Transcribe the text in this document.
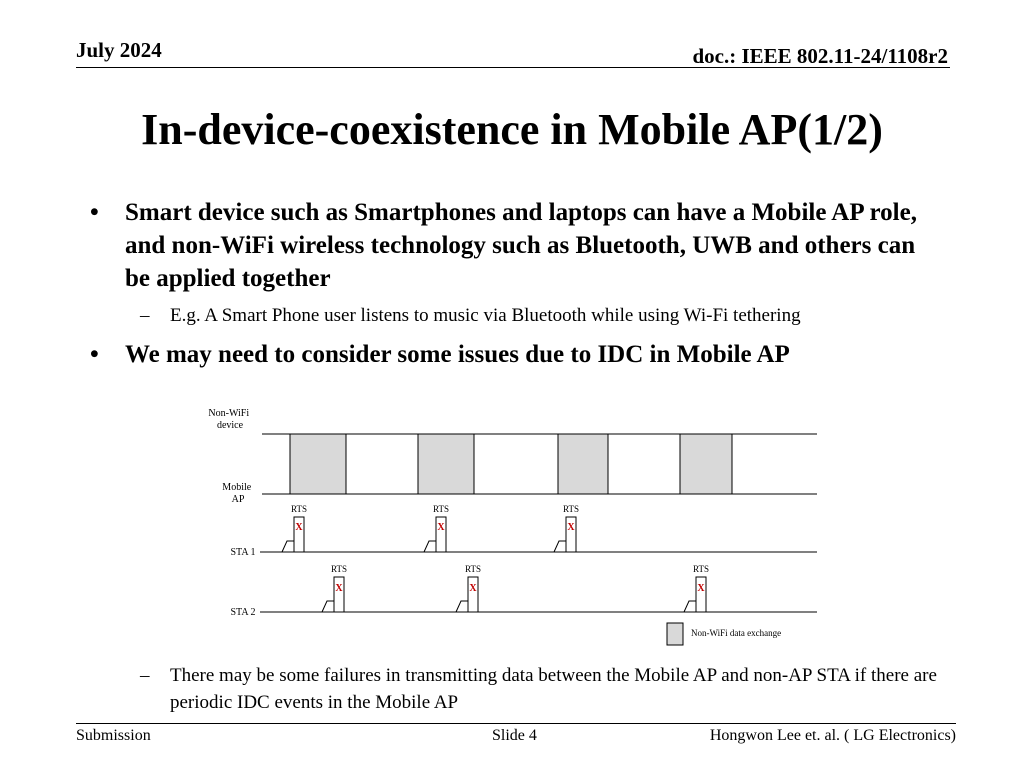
July 2024	doc.: IEEE 802.11-24/1108r2
In-device-coexistence in Mobile AP(1/2)
• Smart device such as Smartphones and laptops can have a Mobile AP role, and non-WiFi wireless technology such as Bluetooth, UWB and others can be applied together
– E.g. A Smart Phone user listens to music via Bluetooth while using Wi-Fi tethering
• We may need to consider some issues due to IDC in Mobile AP
Non-WiFi device
Mobile AP
STA 1
STA 2
RTS
X
RTS
X
RTS
X
RTS
X
RTS
X
RTS
X
Non-WiFi data exchange
– There may be some failures in transmitting data between the Mobile AP and non-AP STA if there are periodic IDC events in the Mobile AP
Submission	Slide 4	Hongwon Lee et. al. ( LG Electronics)
